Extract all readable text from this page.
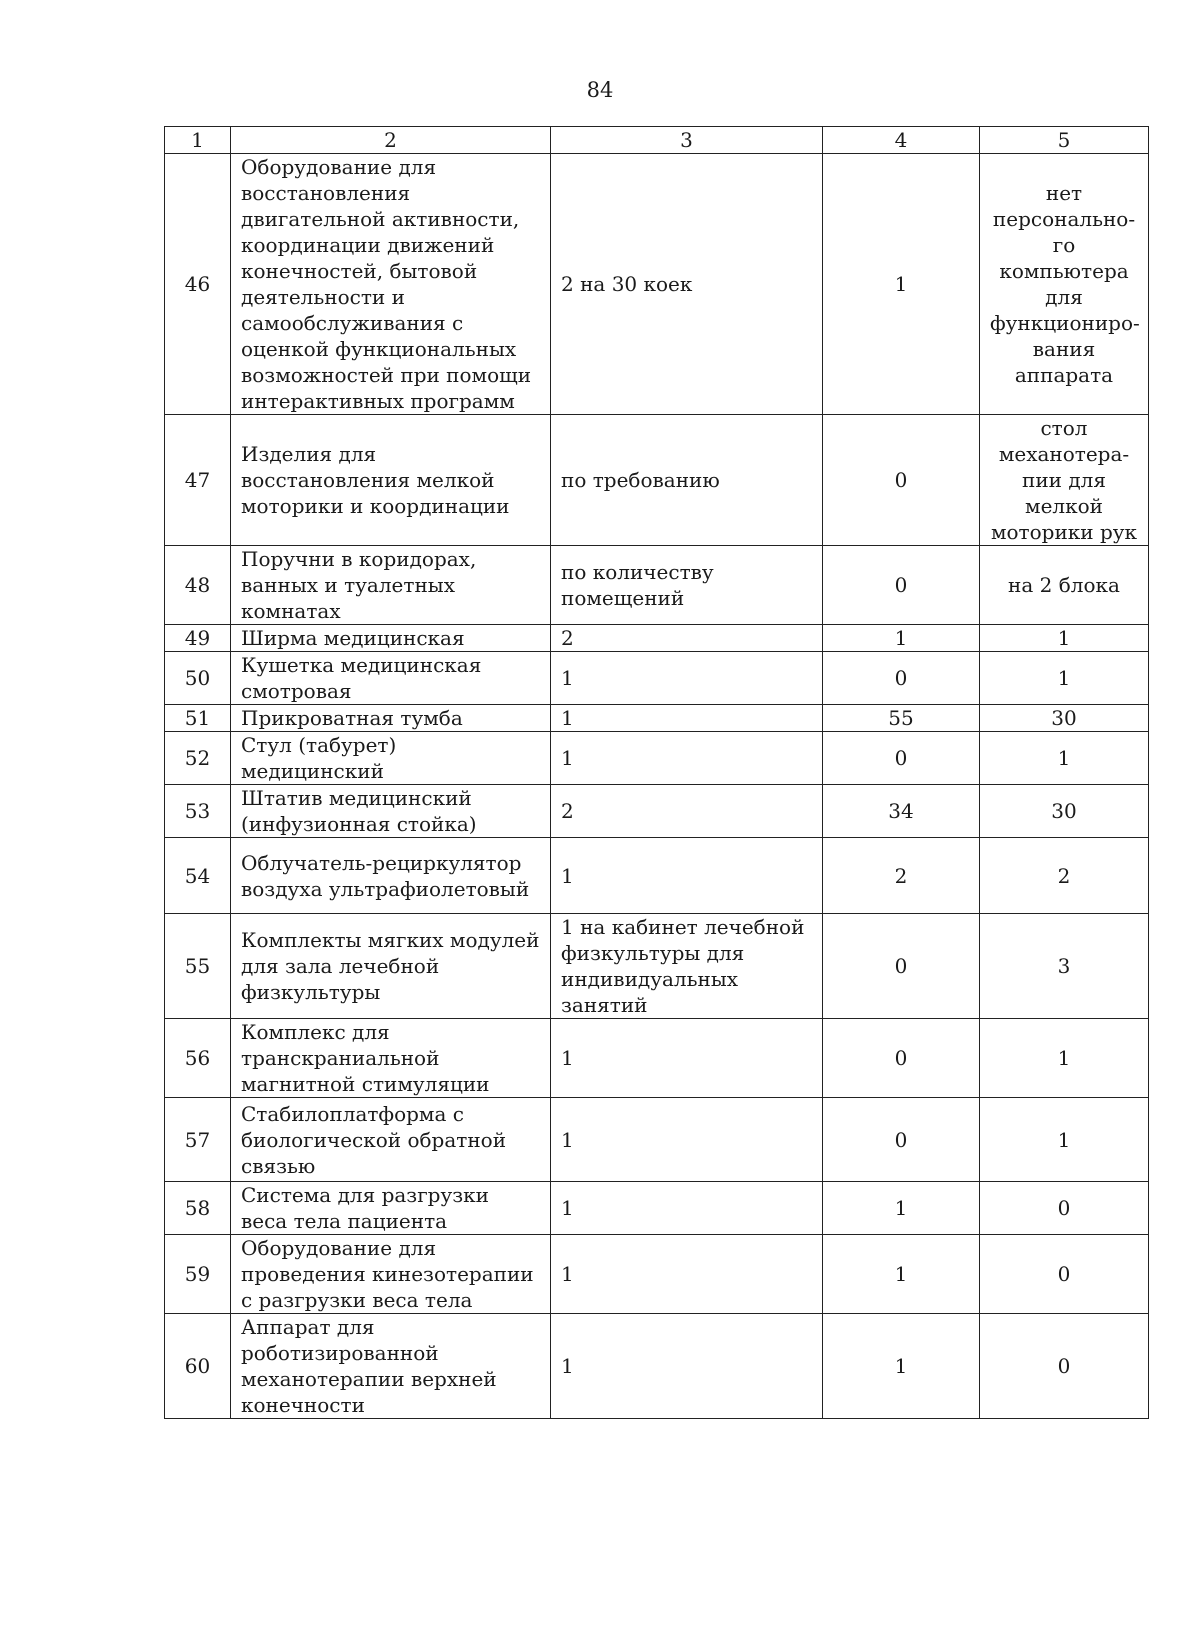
84
1	2	3	4	5
46	Оборудование для восстановления двигательной активности, координации движений конечностей, бытовой деятельности и самообслуживания с оценкой функциональных возможностей при помощи интерактивных программ	2 на 30 коек	1	нет персонально-го компьютера для функциониро-вания аппарата
47	Изделия для восстановления мелкой моторики и координации	по требованию	0	стол механотера-пии для мелкой моторики рук
48	Поручни в коридорах, ванных и туалетных комнатах	по количеству помещений	0	на 2 блока
49	Ширма медицинская	2	1	1
50	Кушетка медицинская смотровая	1	0	1
51	Прикроватная тумба	1	55	30
52	Стул (табурет) медицинский	1	0	1
53	Штатив медицинский (инфузионная стойка)	2	34	30
54	Облучатель-рециркулятор воздуха ультрафиолетовый	1	2	2
55	Комплекты мягких модулей для зала лечебной физкультуры	1 на кабинет лечебной физкультуры для индивидуальных занятий	0	3
56	Комплекс для транскраниальной магнитной стимуляции	1	0	1
57	Стабилоплатформа с биологической обратной связью	1	0	1
58	Система для разгрузки веса тела пациента	1	1	0
59	Оборудование для проведения кинезотерапии с разгрузки веса тела	1	1	0
60	Аппарат для роботизированной механотерапии верхней конечности	1	1	0
